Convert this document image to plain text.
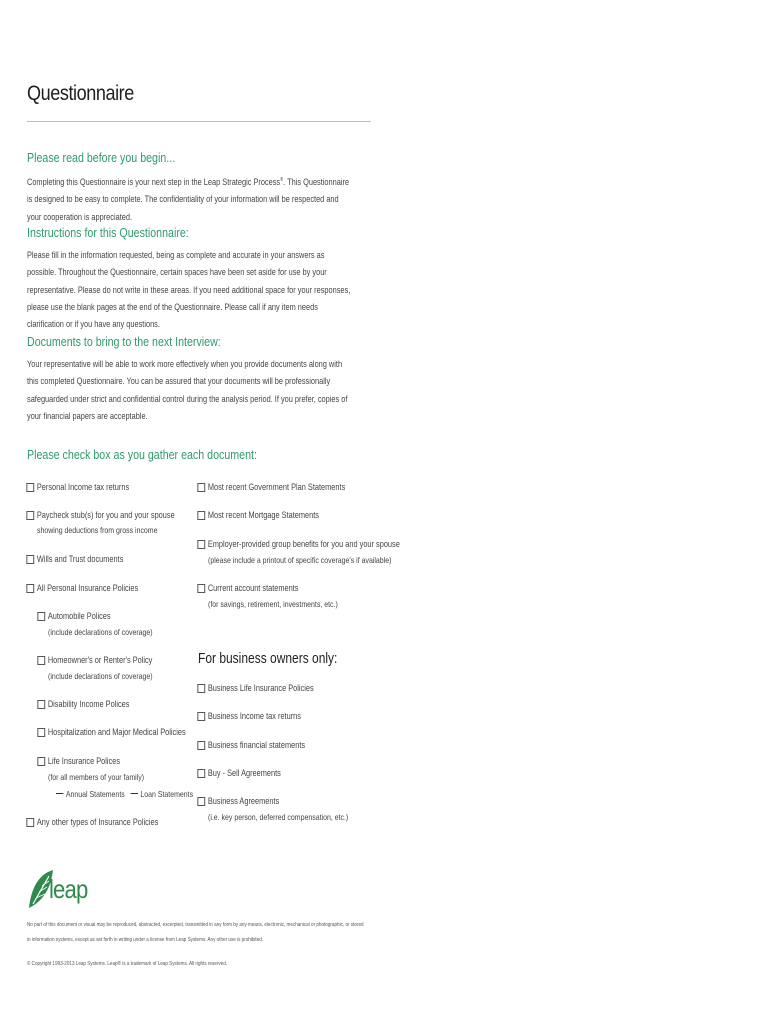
Questionnaire
Please read before you begin...
Completing this Questionnaire is your next step in the Leap Strategic Process®. This Questionnaire is designed to be easy to complete. The confidentiality of your information will be respected and your cooperation is appreciated.
Instructions for this Questionnaire:
Please fill in the information requested, being as complete and accurate in your answers as possible. Throughout the Questionnaire, certain spaces have been set aside for use by your representative. Please do not write in these areas. If you need additional space for your responses, please use the blank pages at the end of the Questionnaire. Please call if any item needs clarification or if you have any questions.
Documents to bring to the next Interview:
Your representative will be able to work more effectively when you provide documents along with this completed Questionnaire. You can be assured that your documents will be professionally safeguarded under strict and confidential control during the analysis period. If you prefer, copies of your financial papers are acceptable.
Please check box as you gather each document:
Personal Income tax returns
Paycheck stub(s) for you and your spouse
showing deductions from gross income
Wills and Trust documents
All Personal Insurance Policies
Automobile Polices
(include declarations of coverage)
Homeowner's or Renter's Policy
(include declarations of coverage)
Disability Income Polices
Hospitalization and Major Medical Policies
Life Insurance Polices
(for all members of your family)
Annual Statements Loan Statements
Any other types of Insurance Policies
Most recent Government Plan Statements
Most recent Mortgage Statements
Employer-provided group benefits for you and your spouse
(please include a printout of specific coverage's if available)
Current account statements
(for savings, retirement, investments, etc.)
For business owners only:
Business Life Insurance Policies
Business Income tax returns
Business financial statements
Buy - Sell Agreements
Business Agreements
(i.e. key person, deferred compensation, etc.)
leap
No part of this document or visual may be reproduced, abstracted, excerpted, transmitted in any form by any means, electronic, mechanical or photographic, or stored
in information systems, except as set forth in writing under a license from Leap Systems. Any other use is prohibited.
© Copyright 1993-2013 Leap Systems. Leap® is a trademark of Leap Systems. All rights reserved.
